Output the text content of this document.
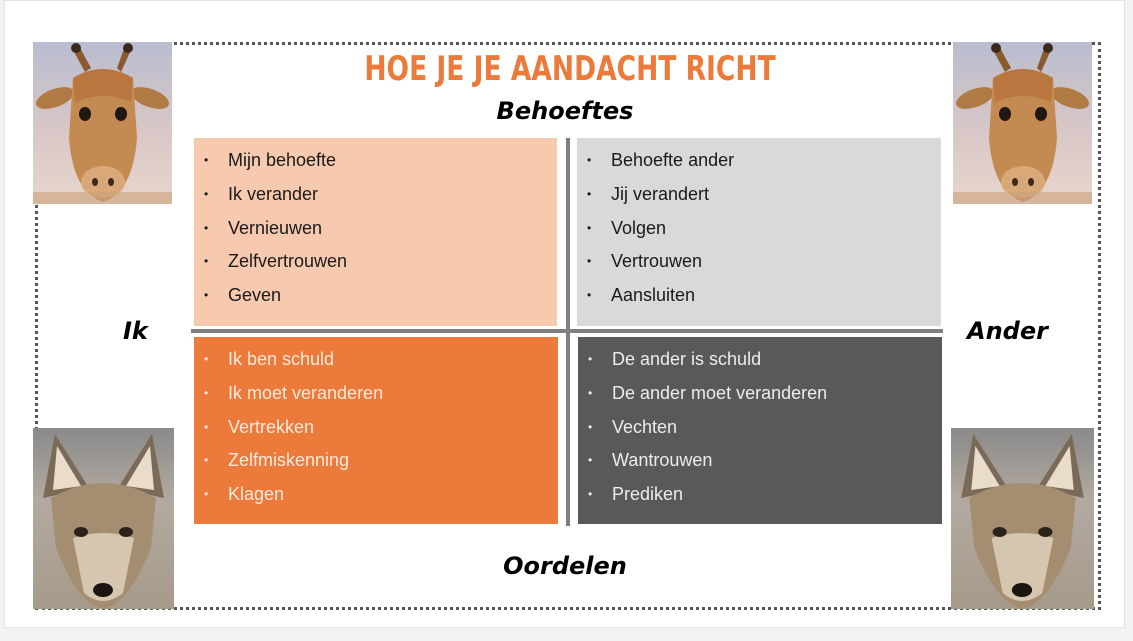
HOE JE JE AANDACHT RICHT
Behoeftes
Oordelen
Ik	Ander
• Mijn behoefte
• Ik verander
• Vernieuwen
• Zelfvertrouwen
• Geven
• Behoefte ander
• Jij verandert
• Volgen
• Vertrouwen
• Aansluiten
• Ik ben schuld
• Ik moet veranderen
• Vertrekken
• Zelfmiskenning
• Klagen
• De ander is schuld
• De ander moet veranderen
• Vechten
• Wantrouwen
• Prediken
